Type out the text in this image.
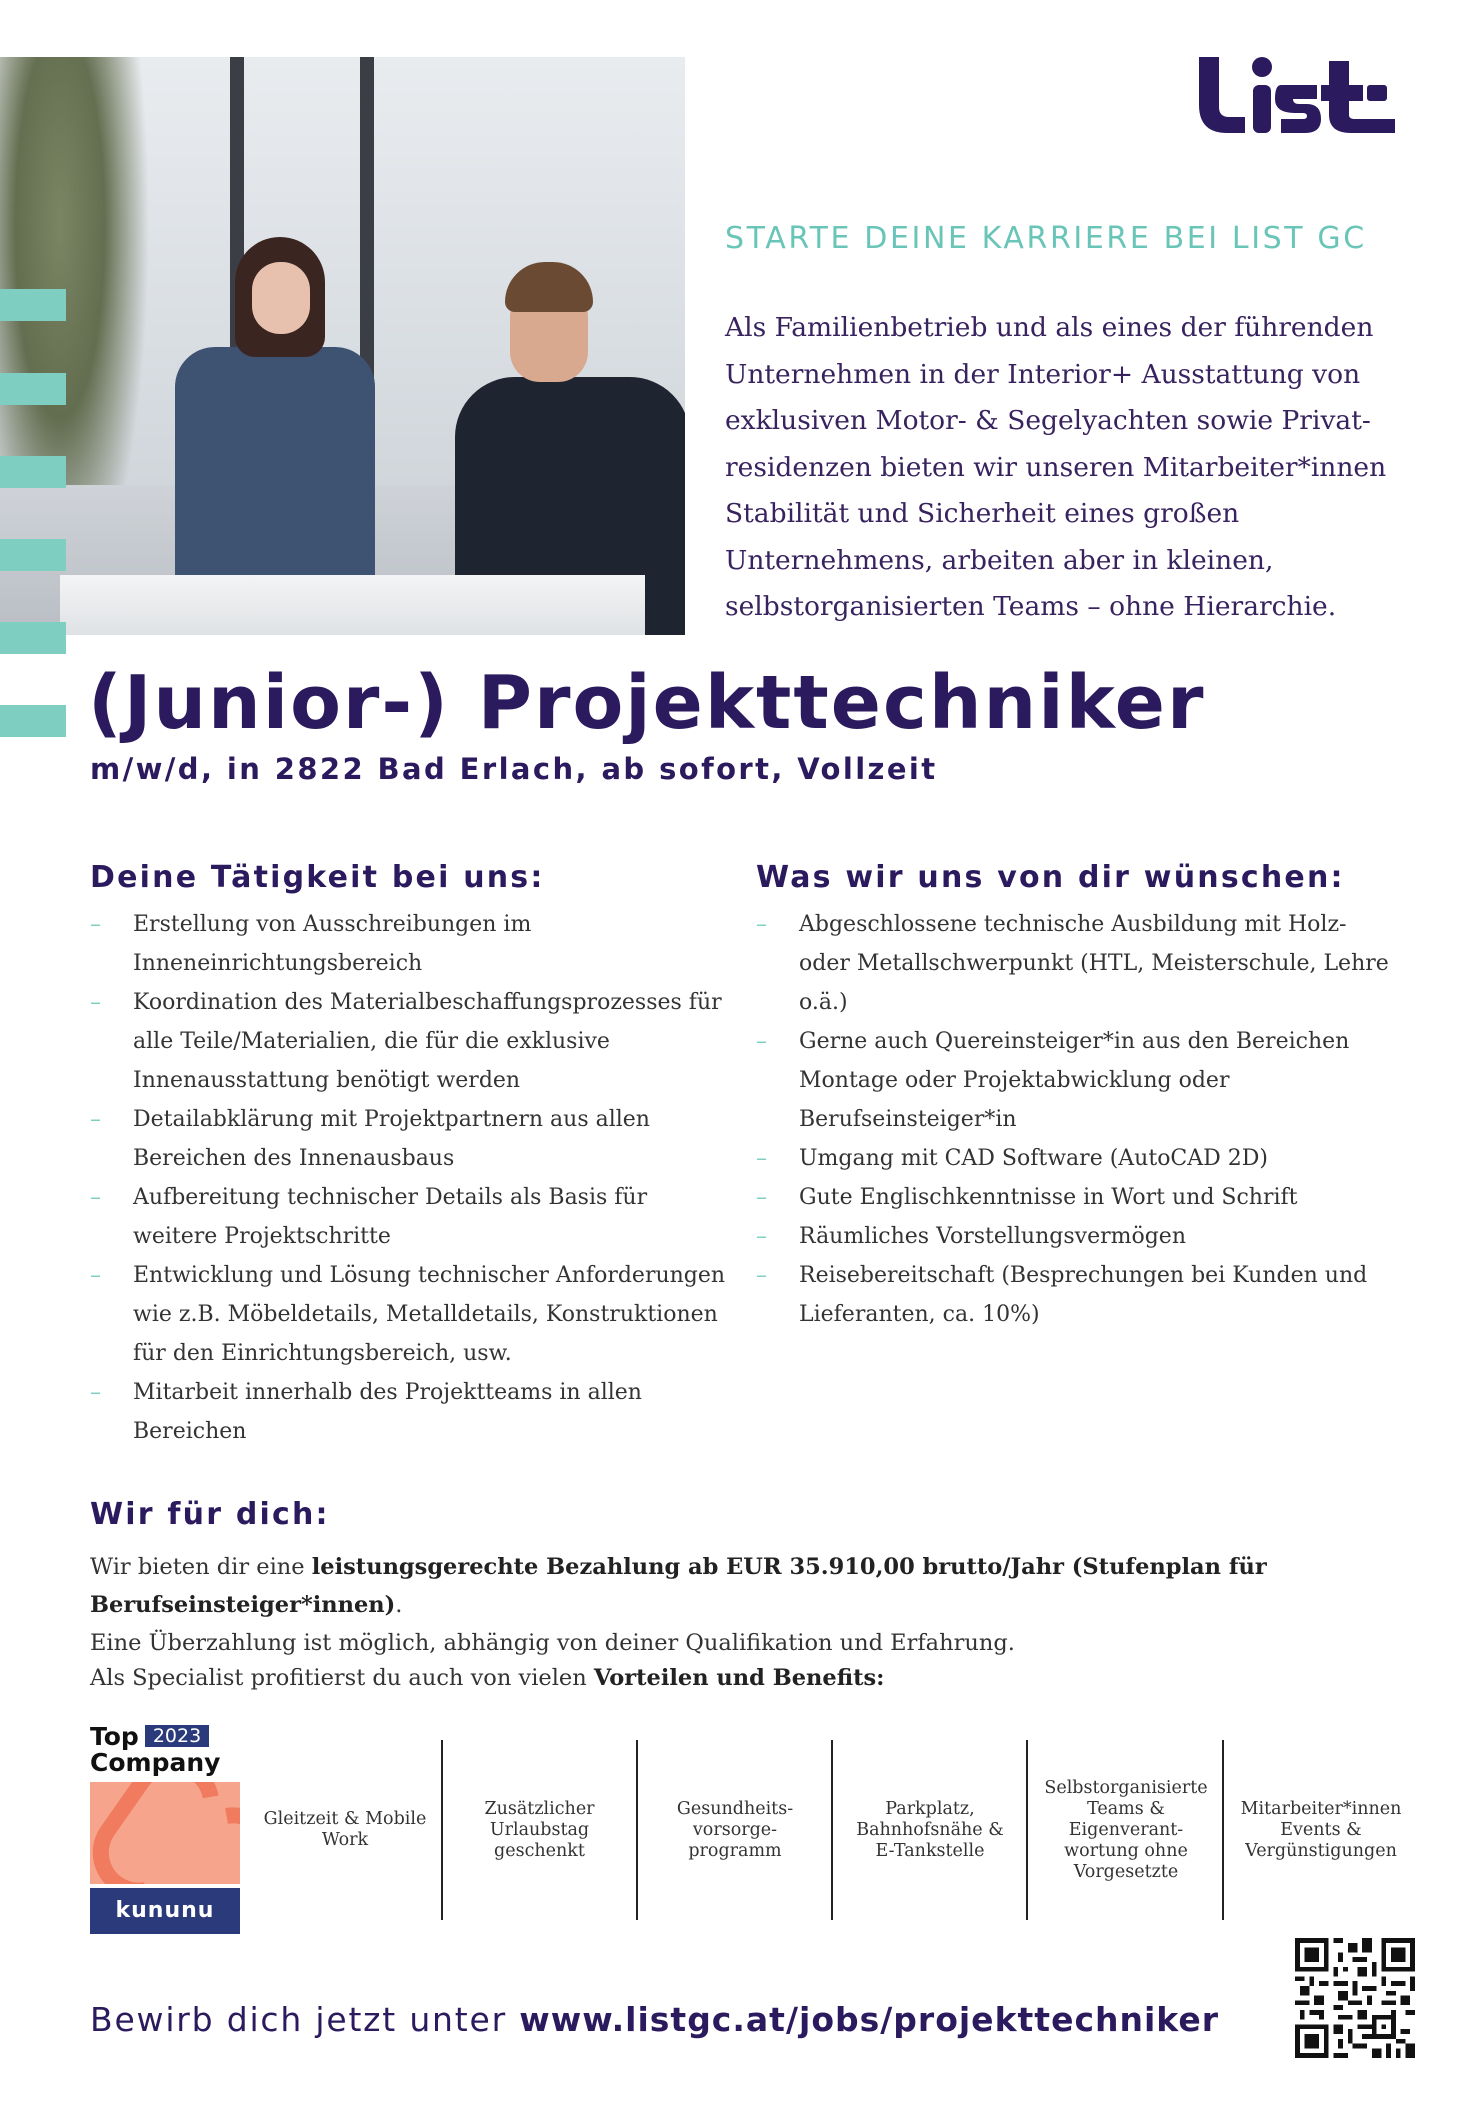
STARTE DEINE KARRIERE BEI LIST GC
Als Familienbetrieb und als eines der führenden Unternehmen in der Interior+ Ausstattung von exklusiven Motor- & Segelyachten sowie Privat-residenzen bieten wir unseren Mitarbeiter*innen Stabilität und Sicherheit eines großen Unternehmens, arbeiten aber in kleinen, selbstorganisierten Teams – ohne Hierarchie.
(Junior-) Projekttechniker
m/w/d, in 2822 Bad Erlach, ab sofort, Vollzeit
Deine Tätigkeit bei uns:
– Erstellung von Ausschreibungen im Inneneinrichtungsbereich
– Koordination des Materialbeschaffungsprozesses für alle Teile/Materialien, die für die exklusive Innenausstattung benötigt werden
– Detailabklärung mit Projektpartnern aus allen Bereichen des Innenausbaus
– Aufbereitung technischer Details als Basis für weitere Projektschritte
– Entwicklung und Lösung technischer Anforderungen wie z.B. Möbeldetails, Metalldetails, Konstruktionen für den Einrichtungsbereich, usw.
– Mitarbeit innerhalb des Projektteams in allen Bereichen
Was wir uns von dir wünschen:
– Abgeschlossene technische Ausbildung mit Holz- oder Metallschwerpunkt (HTL, Meisterschule, Lehre o.ä.)
– Gerne auch Quereinsteiger*in aus den Bereichen Montage oder Projektabwicklung oder Berufseinsteiger*in
– Umgang mit CAD Software (AutoCAD 2D)
– Gute Englischkenntnisse in Wort und Schrift
– Räumliches Vorstellungsvermögen
– Reisebereitschaft (Besprechungen bei Kunden und Lieferanten, ca. 10%)
Wir für dich:
Wir bieten dir eine leistungsgerechte Bezahlung ab EUR 35.910,00 brutto/Jahr (Stufenplan für Berufseinsteiger*innen).
Eine Überzahlung ist möglich, abhängig von deiner Qualifikation und Erfahrung.
Als Specialist profitierst du auch von vielen Vorteilen und Benefits:
Top 2023
Company
kununu
Gleitzeit & Mobile Work
Zusätzlicher Urlaubstag geschenkt
Gesundheits-vorsorge-programm
Parkplatz, Bahnhofsnähe & E-Tankstelle
Selbstorganisierte Teams & Eigenverant-wortung ohne Vorgesetzte
Mitarbeiter*innen Events & Vergünstigungen
Bewirb dich jetzt unter www.listgc.at/jobs/projekttechniker
